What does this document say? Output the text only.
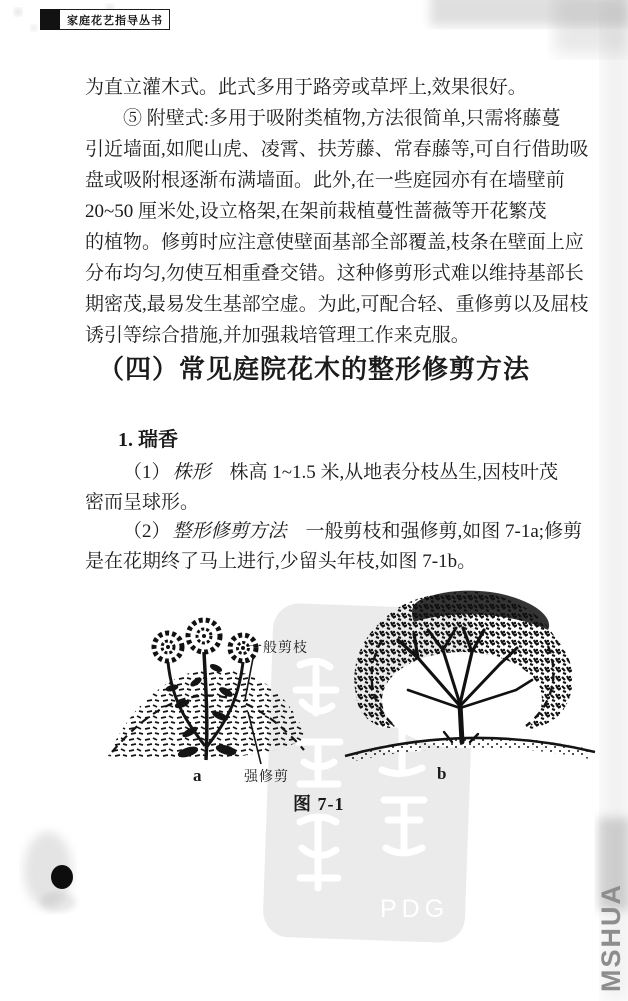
家庭花艺指导丛书
为直立灌木式。此式多用于路旁或草坪上,效果很好。
⑤ 附壁式:多用于吸附类植物,方法很简单,只需将藤蔓
引近墙面,如爬山虎、凌霄、扶芳藤、常春藤等,可自行借助吸
盘或吸附根逐渐布满墙面。此外,在一些庭园亦有在墙壁前
20~50 厘米处,设立格架,在架前栽植蔓性蔷薇等开花繁茂
的植物。修剪时应注意使壁面基部全部覆盖,枝条在壁面上应
分布均匀,勿使互相重叠交错。这种修剪形式难以维持基部长
期密茂,最易发生基部空虚。为此,可配合轻、重修剪以及屈枝
诱引等综合措施,并加强栽培管理工作来克服。
（四）常见庭院花木的整形修剪方法
1. 瑞香
（1） 株形　株高 1~1.5 米,从地表分枝丛生,因枝叶茂
密而呈球形。
（2） 整形修剪方法　一般剪枝和强修剪,如图 7-1a;修剪
是在花期终了马上进行,少留头年枝,如图 7-1b。
一般剪枝
强修剪
a	b
图 7-1
PDG	MSHUA
